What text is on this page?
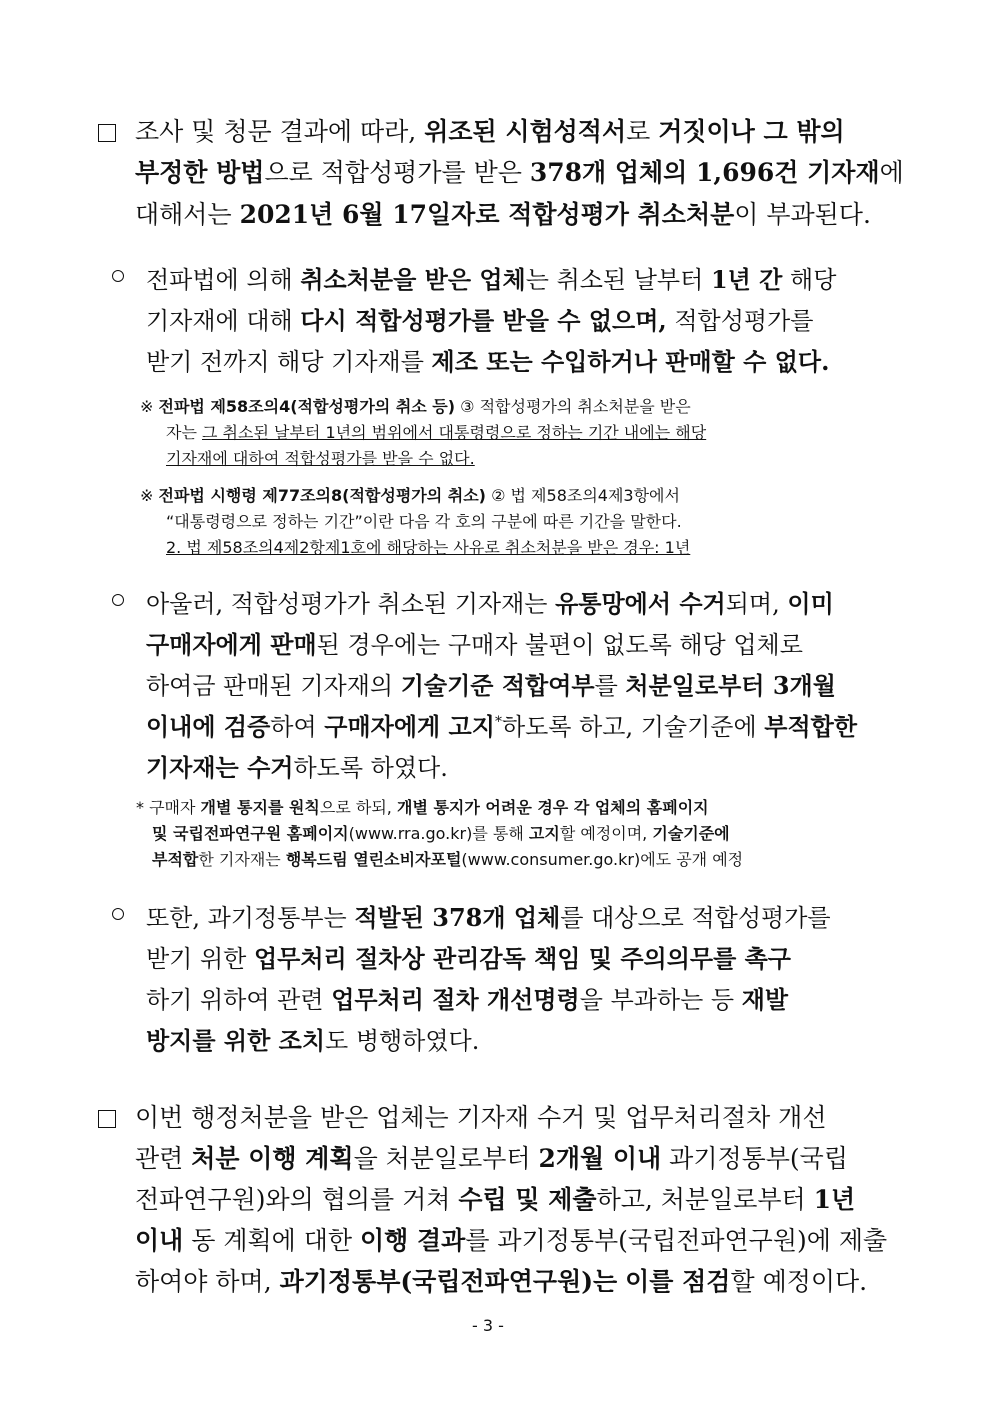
조사 및 청문 결과에 따라, 위조된 시험성적서로 거짓이나 그 밖의
부정한 방법으로 적합성평가를 받은 378개 업체의 1,696건 기자재에
대해서는 2021년 6월 17일자로 적합성평가 취소처분이 부과된다.
전파법에 의해 취소처분을 받은 업체는 취소된 날부터 1년 간 해당
기자재에 대해 다시 적합성평가를 받을 수 없으며, 적합성평가를
받기 전까지 해당 기자재를 제조 또는 수입하거나 판매할 수 없다.
※ 전파법 제58조의4(적합성평가의 취소 등) ③ 적합성평가의 취소처분을 받은
자는 그 취소된 날부터 1년의 범위에서 대통령령으로 정하는 기간 내에는 해당
기자재에 대하여 적합성평가를 받을 수 없다.
※ 전파법 시행령 제77조의8(적합성평가의 취소) ② 법 제58조의4제3항에서
“대통령령으로 정하는 기간”이란 다음 각 호의 구분에 따른 기간을 말한다.
2. 법 제58조의4제2항제1호에 해당하는 사유로 취소처분을 받은 경우: 1년
아울러, 적합성평가가 취소된 기자재는 유통망에서 수거되며, 이미
구매자에게 판매된 경우에는 구매자 불편이 없도록 해당 업체로
하여금 판매된 기자재의 기술기준 적합여부를 처분일로부터 3개월
이내에 검증하여 구매자에게 고지*하도록 하고, 기술기준에 부적합한
기자재는 수거하도록 하였다.
* 구매자 개별 통지를 원칙으로 하되, 개별 통지가 어려운 경우 각 업체의 홈페이지
및 국립전파연구원 홈페이지(www.rra.go.kr)를 통해 고지할 예정이며, 기술기준에
부적합한 기자재는 행복드림 열린소비자포털(www.consumer.go.kr)에도 공개 예정
또한, 과기정통부는 적발된 378개 업체를 대상으로 적합성평가를
받기 위한 업무처리 절차상 관리감독 책임 및 주의의무를 촉구
하기 위하여 관련 업무처리 절차 개선명령을 부과하는 등 재발
방지를 위한 조치도 병행하였다.
이번 행정처분을 받은 업체는 기자재 수거 및 업무처리절차 개선
관련 처분 이행 계획을 처분일로부터 2개월 이내 과기정통부(국립
전파연구원)와의 협의를 거쳐 수립 및 제출하고, 처분일로부터 1년
이내 동 계획에 대한 이행 결과를 과기정통부(국립전파연구원)에 제출
하여야 하며, 과기정통부(국립전파연구원)는 이를 점검할 예정이다.
- 3 -
